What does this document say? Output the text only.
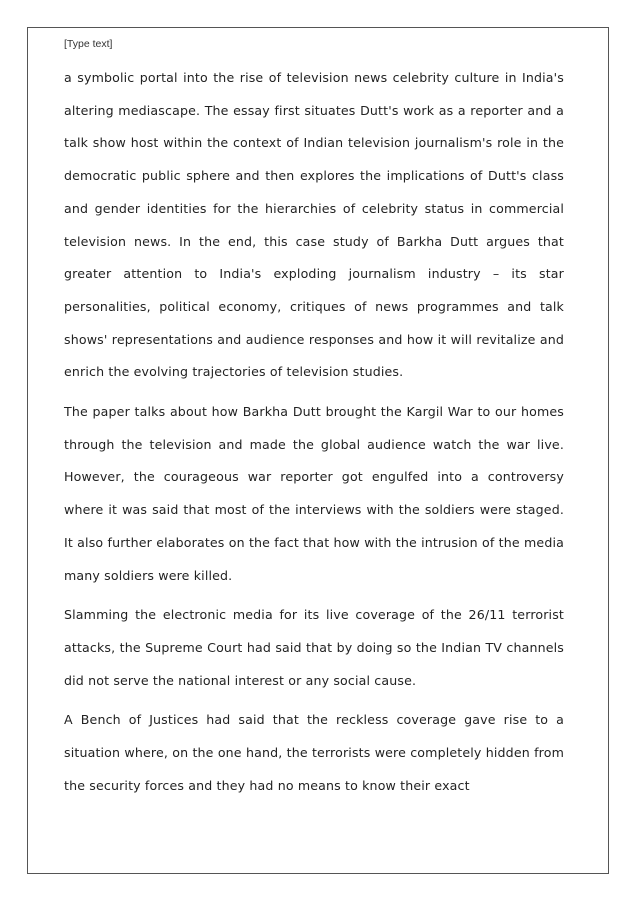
[Type text]

a symbolic portal into the rise of television news celebrity culture in India's altering mediascape. The essay first situates Dutt's work as a reporter and a talk show host within the context of Indian television journalism's role in the democratic public sphere and then explores the implications of Dutt's class and gender identities for the hierarchies of celebrity status in commercial television news. In the end, this case study of Barkha Dutt argues that greater attention to India's exploding journalism industry – its star personalities, political economy, critiques of news programmes and talk shows' representations and audience responses and how it will revitalize and enrich the evolving trajectories of television studies.

The paper talks about how Barkha Dutt brought the Kargil War to our homes through the television and made the global audience watch the war live. However, the courageous war reporter got engulfed into a controversy where it was said that most of the interviews with the soldiers were staged. It also further elaborates on the fact that how with the intrusion of the media many soldiers were killed.

Slamming the electronic media for its live coverage of the 26/11 terrorist attacks, the Supreme Court had said that by doing so the Indian TV channels did not serve the national interest or any social cause.

A Bench of Justices had said that the reckless coverage gave rise to a situation where, on the one hand, the terrorists were completely hidden from the security forces and they had no means to know their exact
